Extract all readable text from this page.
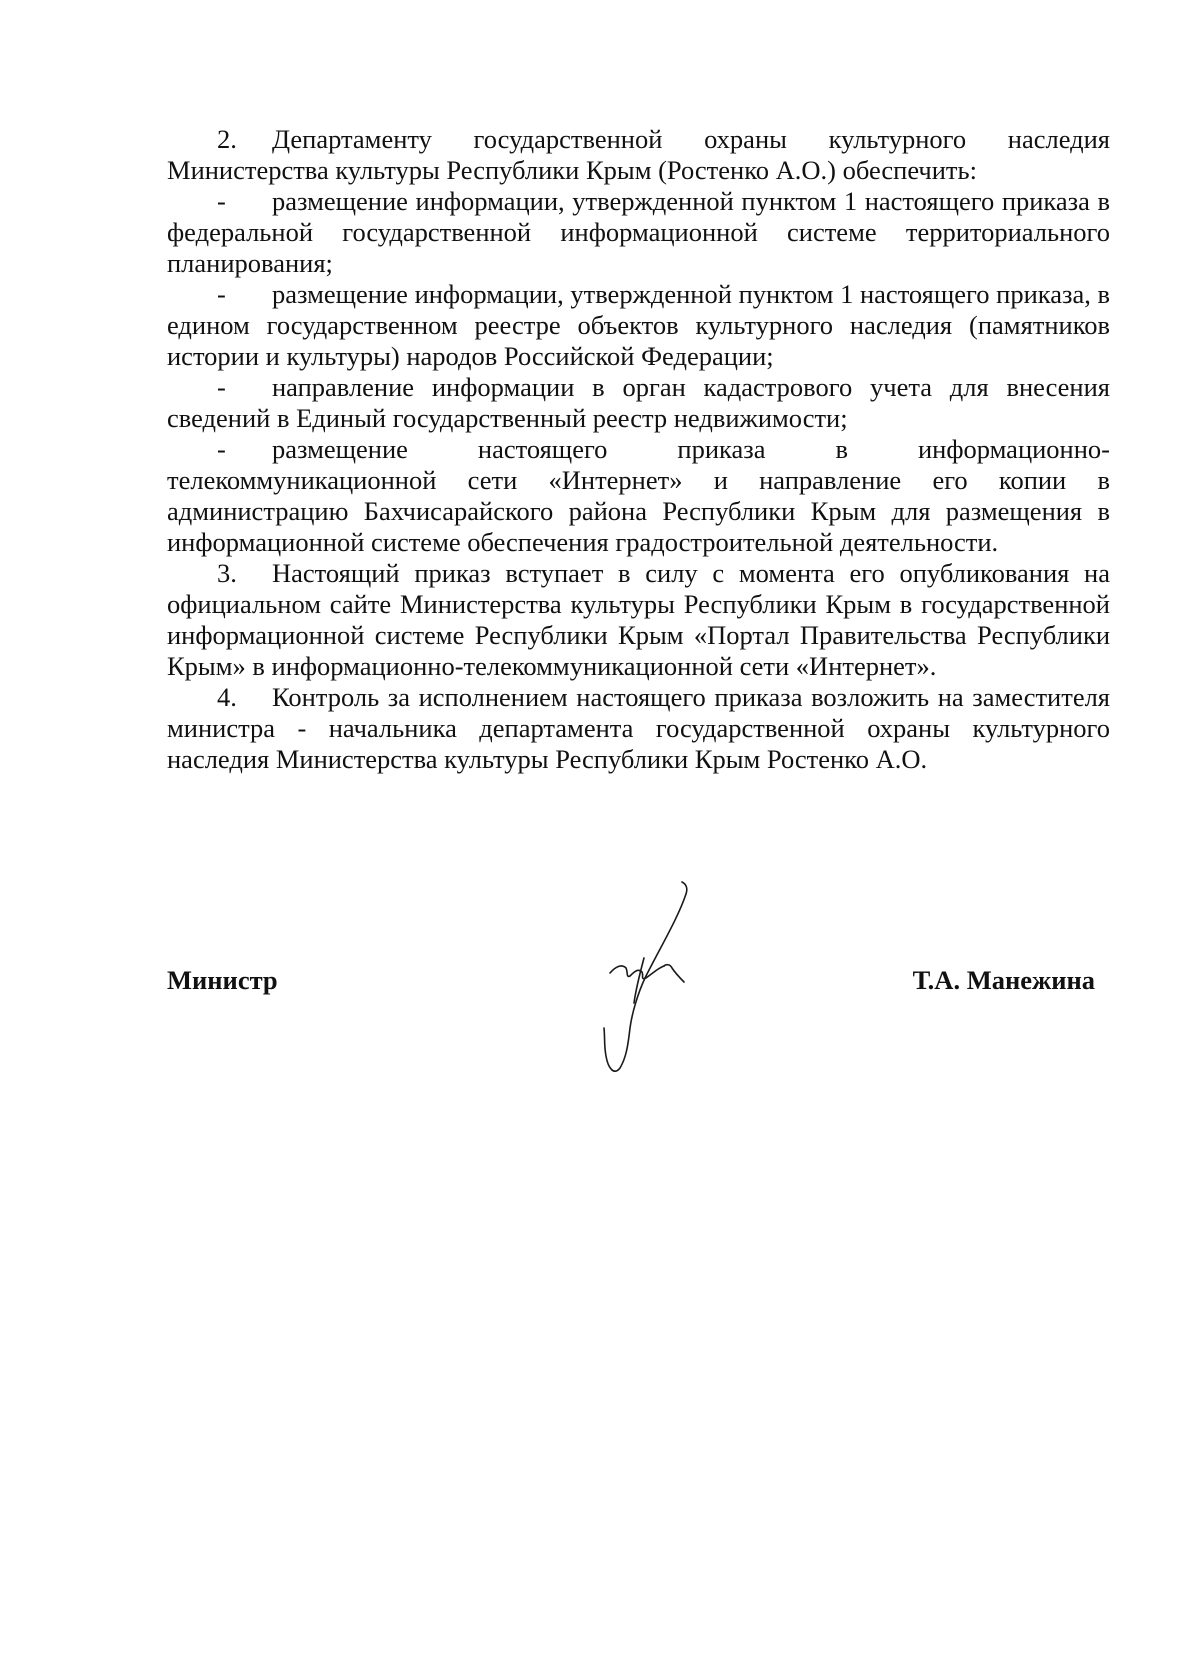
2. Департаменту государственной охраны культурного наследия Министерства культуры Республики Крым (Ростенко А.О.) обеспечить:

- размещение информации, утвержденной пунктом 1 настоящего приказа в федеральной государственной информационной системе территориального планирования;

- размещение информации, утвержденной пунктом 1 настоящего приказа, в едином государственном реестре объектов культурного наследия (памятников истории и культуры) народов Российской Федерации;

- направление информации в орган кадастрового учета для внесения сведений в Единый государственный реестр недвижимости;

- размещение настоящего приказа в информационно-телекоммуникационной сети «Интернет» и направление его копии в администрацию Бахчисарайского района Республики Крым для размещения в информационной системе обеспечения градостроительной деятельности.

3. Настоящий приказ вступает в силу с момента его опубликования на официальном сайте Министерства культуры Республики Крым в государственной информационной системе Республики Крым «Портал Правительства Республики Крым» в информационно-телекоммуникационной сети «Интернет».

4. Контроль за исполнением настоящего приказа возложить на заместителя министра - начальника департамента государственной охраны культурного наследия Министерства культуры Республики Крым Ростенко А.О.

Министр	Т.А. Манежина
